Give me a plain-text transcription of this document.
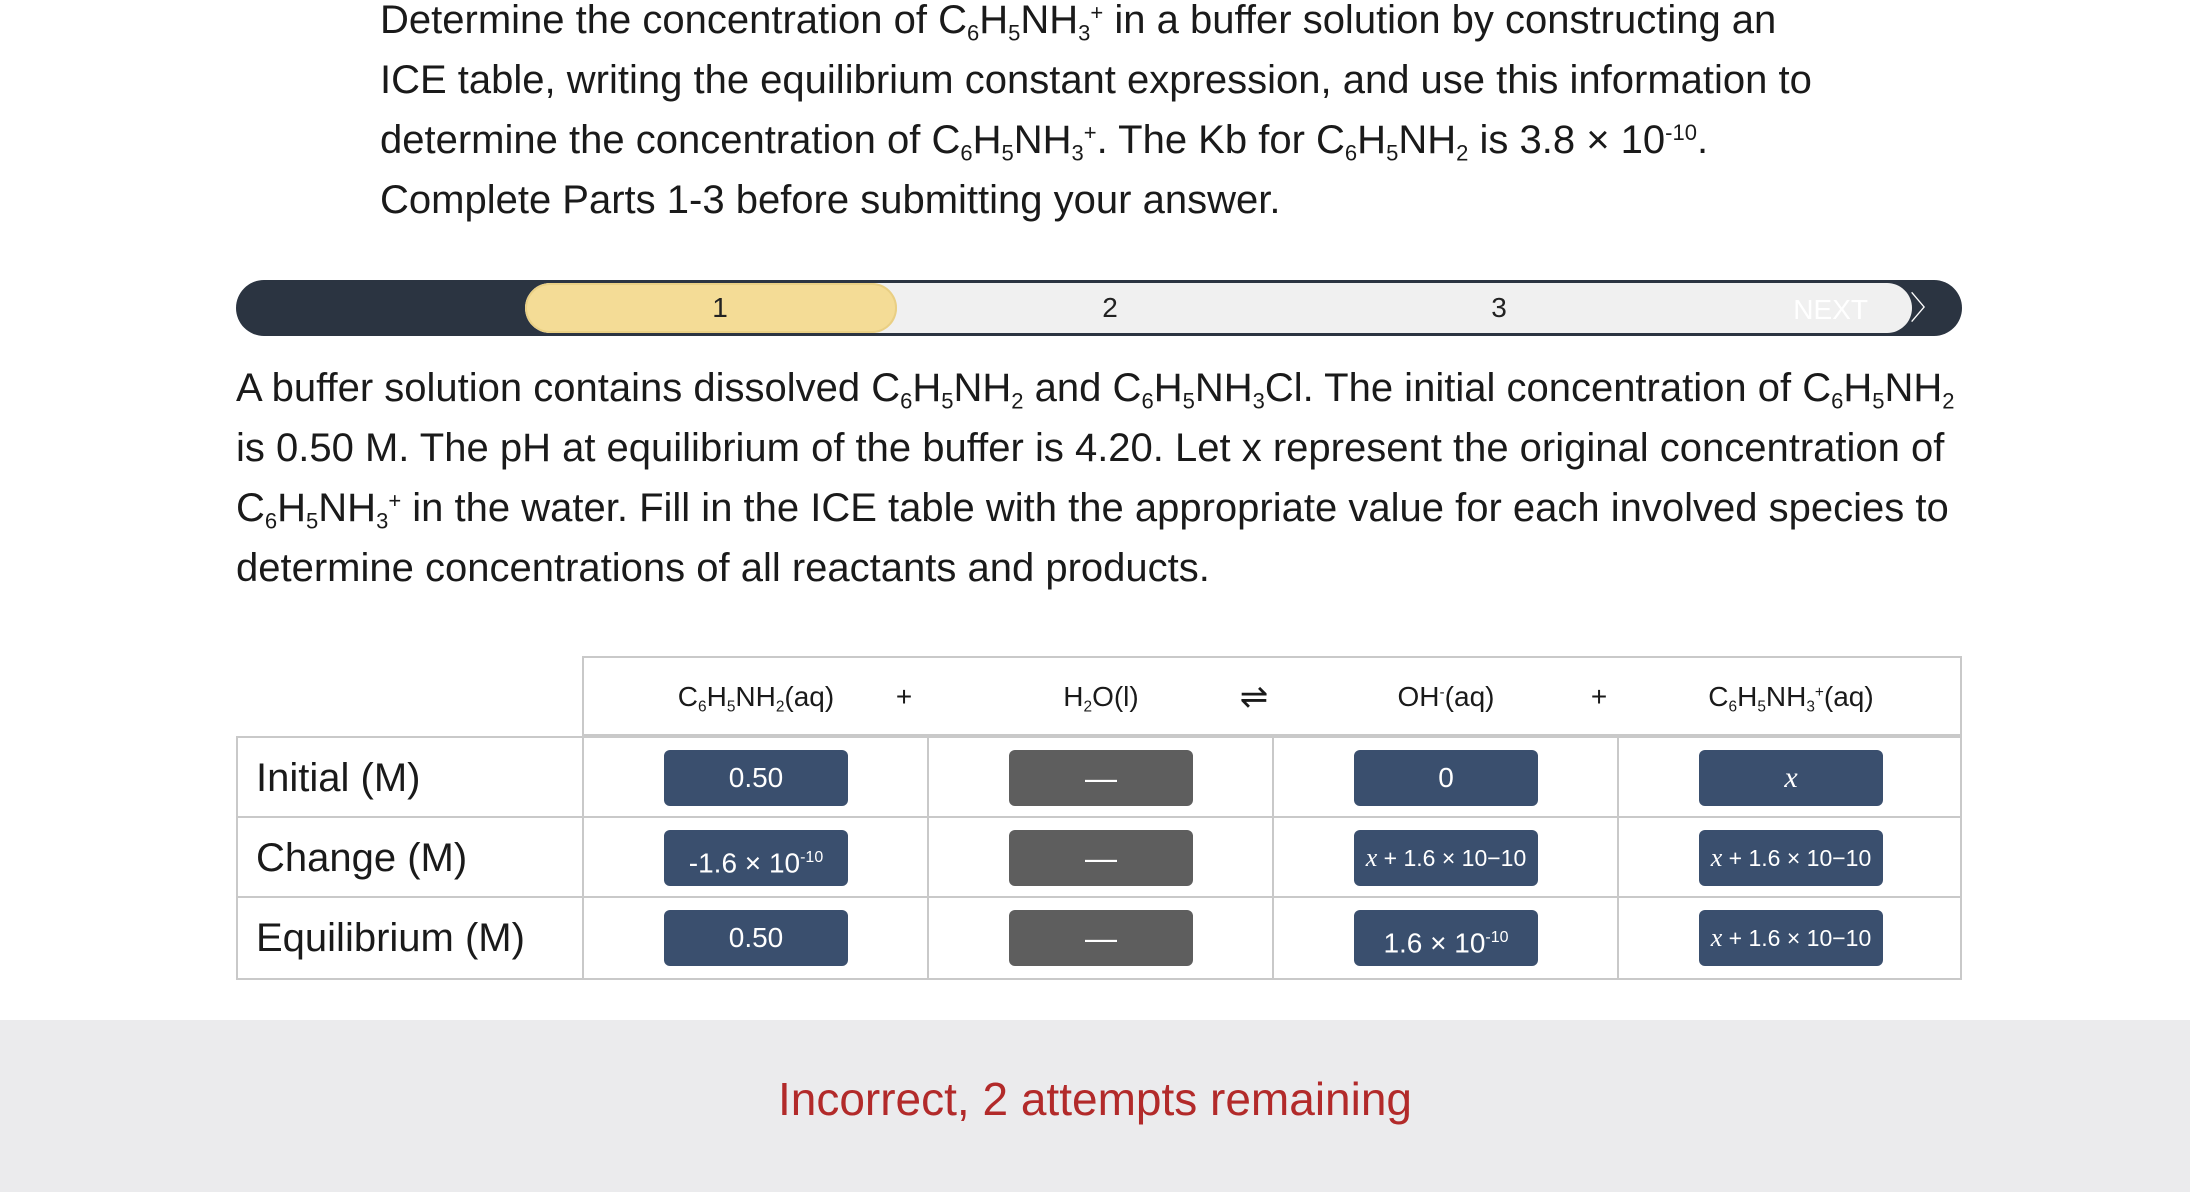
Determine the concentration of $C_6H_5NH_3^+$ in a buffer solution by constructing an ICE table, writing the equilibrium constant expression, and use this information to determine the concentration of $C_6H_5NH_3^+$. The Kb for $C_6H_5NH_2$ is $3.8 \times 10^{-10}$.
Complete Parts 1-3 before submitting your answer.
1	2	3	NEXT 〉
A buffer solution contains dissolved $C_6H_5NH_2$ and $C_6H_5NH_3Cl$. The initial concentration of $C_6H_5NH_2$ is 0.50 M. The pH at equilibrium of the buffer is 4.20. Let x represent the original concentration of $C_6H_5NH_3^+$ in the water. Fill in the ICE table with the appropriate value for each involved species to determine concentrations of all reactants and products.
$C_6H_5NH_2(aq)$	+	$H_2O(l)$	⇌	OH-(aq)	+	$C_6H_5NH_3^+(aq)$
Initial (M)	0.50	—	0	x
Change (M)	$-1.6 \times 10^{-10}$	—	x + 1.6 × 10−10	x + 1.6 × 10−10
Equilibrium (M)	0.50	—	$1.6 \times 10^{-10}$	x + 1.6 × 10−10
Incorrect, 2 attempts remaining
